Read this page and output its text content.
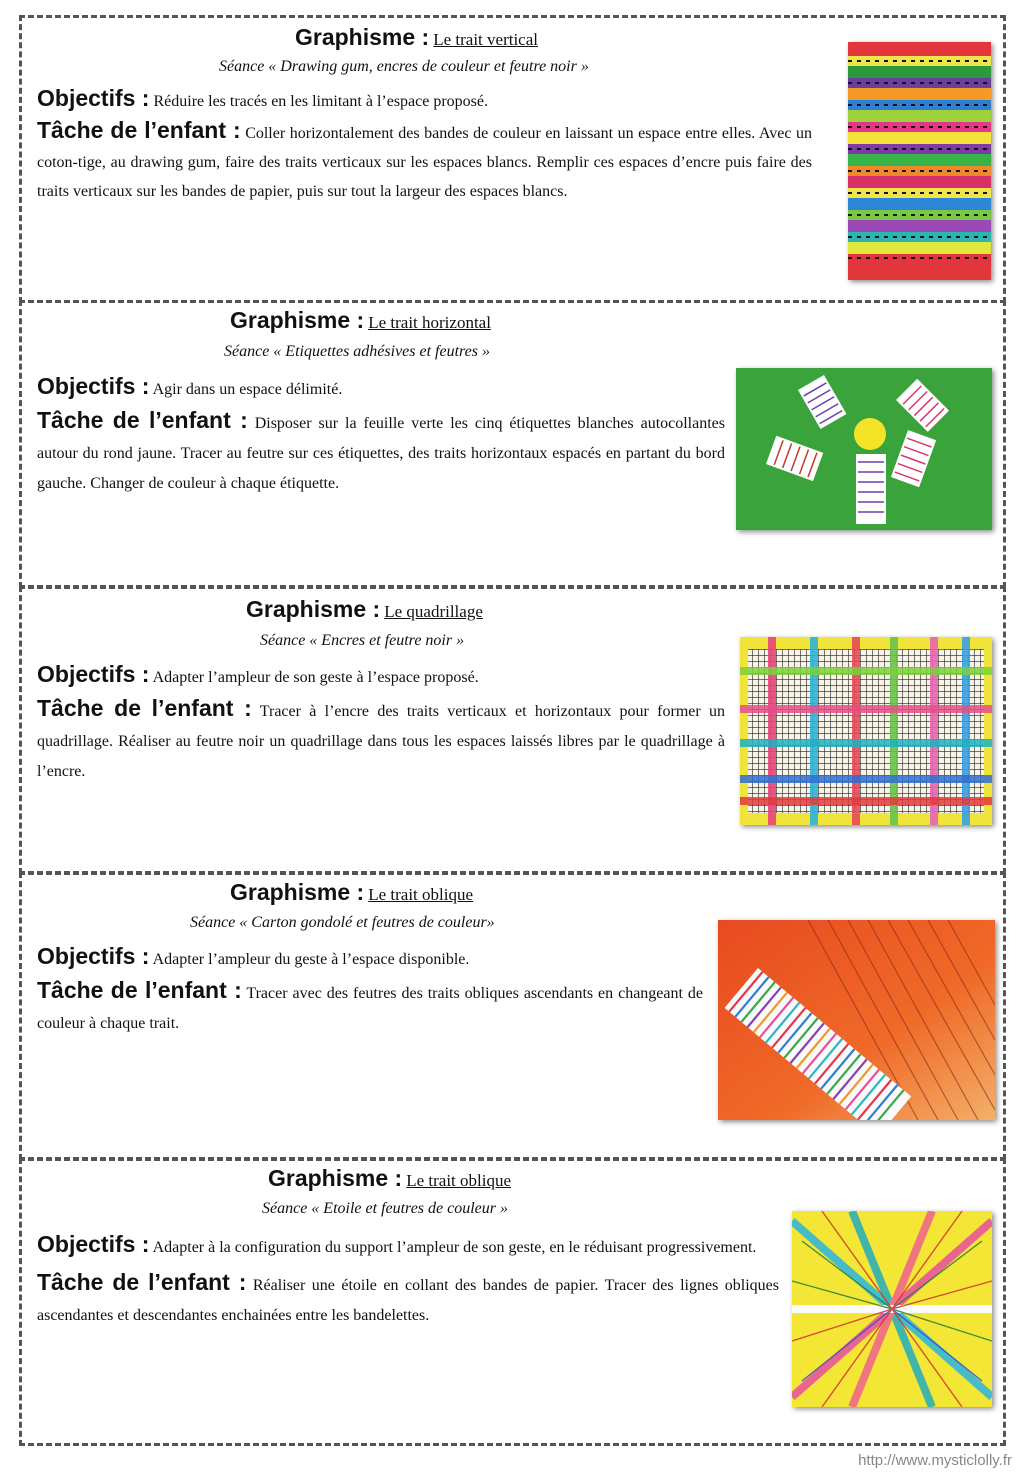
Graphisme : Le trait vertical
Séance « Drawing gum, encres de couleur et feutre noir »
Objectifs : Réduire les tracés en les limitant à l’espace proposé.
Tâche de l’enfant : Coller horizontalement des bandes de couleur en laissant un espace entre elles. Avec un coton-tige, au drawing gum, faire des traits verticaux sur les espaces blancs. Remplir ces espaces d’encre puis faire des traits verticaux sur les bandes de papier, puis sur tout la largeur des espaces blancs.
Graphisme : Le trait horizontal
Séance « Etiquettes adhésives et feutres »
Objectifs : Agir dans un espace délimité.
Tâche de l’enfant : Disposer sur la feuille verte les cinq étiquettes blanches autocollantes autour du rond jaune. Tracer au feutre sur ces étiquettes, des traits horizontaux espacés en partant du bord gauche. Changer de couleur à chaque étiquette.
Graphisme : Le quadrillage
Séance « Encres et feutre noir »
Objectifs : Adapter l’ampleur de son geste à l’espace proposé.
Tâche de l’enfant : Tracer à l’encre des traits verticaux et horizontaux pour former un quadrillage. Réaliser au feutre noir un quadrillage dans tous les espaces laissés libres par le quadrillage à l’encre.
Graphisme : Le trait oblique
Séance « Carton gondolé et feutres de couleur»
Objectifs : Adapter l’ampleur du geste à l’espace disponible.
Tâche de l’enfant : Tracer avec des feutres des traits obliques ascendants en changeant de couleur à chaque trait.
Graphisme : Le trait oblique
Séance « Etoile et feutres de couleur »
Objectifs : Adapter à la configuration du support l’ampleur de son geste, en le réduisant progressivement.
Tâche de l’enfant : Réaliser une étoile en collant des bandes de papier. Tracer des lignes obliques ascendantes et descendantes enchainées entre les bandelettes.
http://www.mysticlolly.fr
